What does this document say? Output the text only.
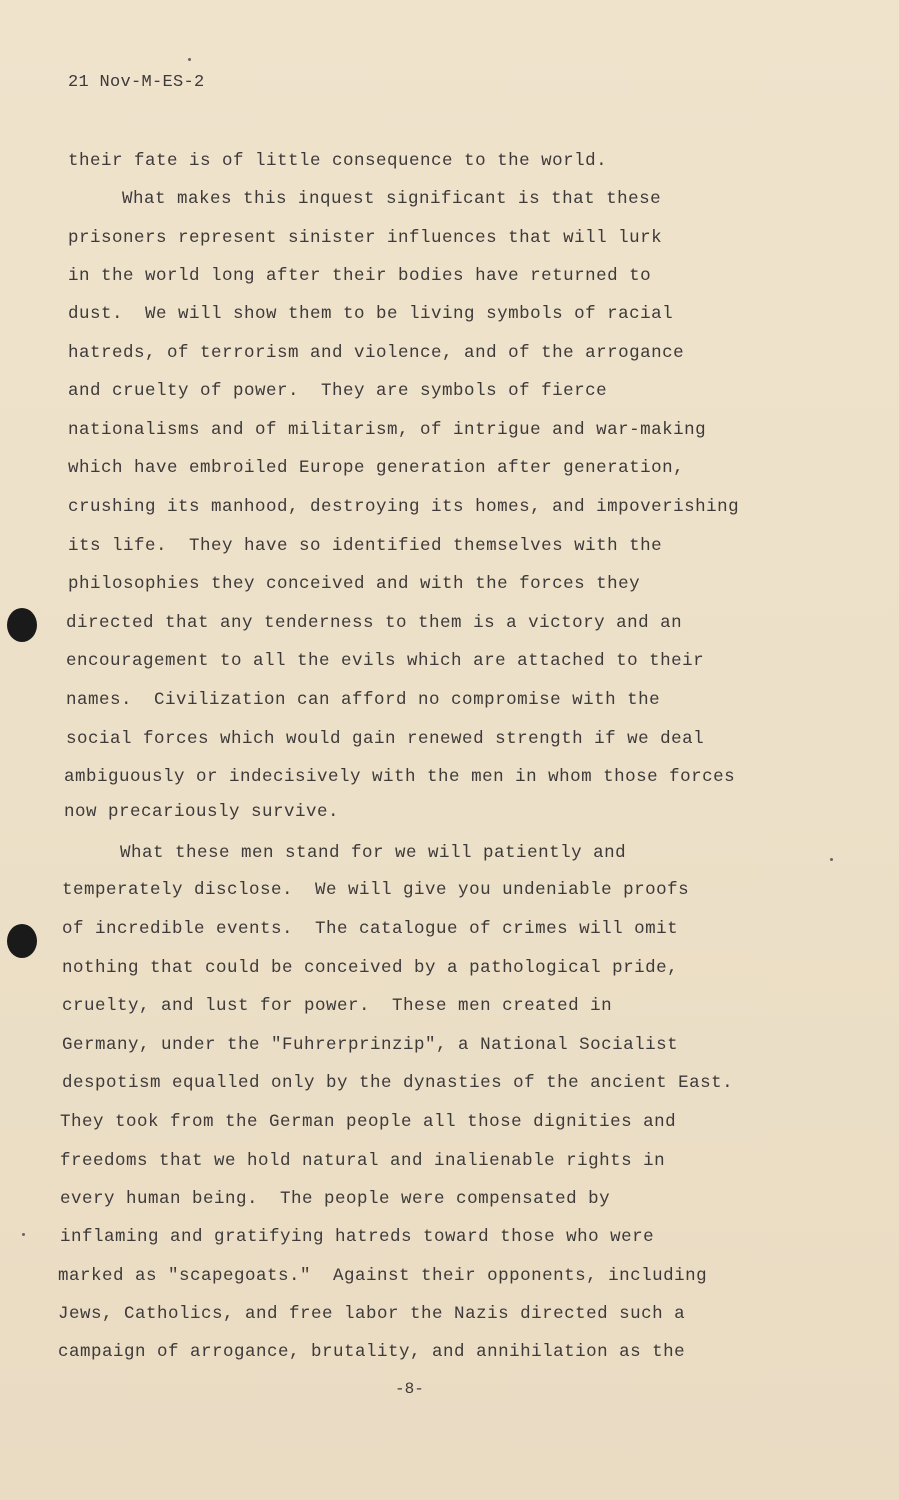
21 Nov-M-ES-2
their fate is of little consequence to the world.
What makes this inquest significant is that these
prisoners represent sinister influences that will lurk
in the world long after their bodies have returned to
dust.  We will show them to be living symbols of racial
hatreds, of terrorism and violence, and of the arrogance
and cruelty of power.  They are symbols of fierce
nationalisms and of militarism, of intrigue and war-making
which have embroiled Europe generation after generation,
crushing its manhood, destroying its homes, and impoverishing
its life.  They have so identified themselves with the
philosophies they conceived and with the forces they
directed that any tenderness to them is a victory and an
encouragement to all the evils which are attached to their
names.  Civilization can afford no compromise with the
social forces which would gain renewed strength if we deal
ambiguously or indecisively with the men in whom those forces
now precariously survive.
What these men stand for we will patiently and
temperately disclose.  We will give you undeniable proofs
of incredible events.  The catalogue of crimes will omit
nothing that could be conceived by a pathological pride,
cruelty, and lust for power.  These men created in
Germany, under the "Fuhrerprinzip", a National Socialist
despotism equalled only by the dynasties of the ancient East.
They took from the German people all those dignities and
freedoms that we hold natural and inalienable rights in
every human being.  The people were compensated by
inflaming and gratifying hatreds toward those who were
marked as "scapegoats."  Against their opponents, including
Jews, Catholics, and free labor the Nazis directed such a
campaign of arrogance, brutality, and annihilation as the
-8-
